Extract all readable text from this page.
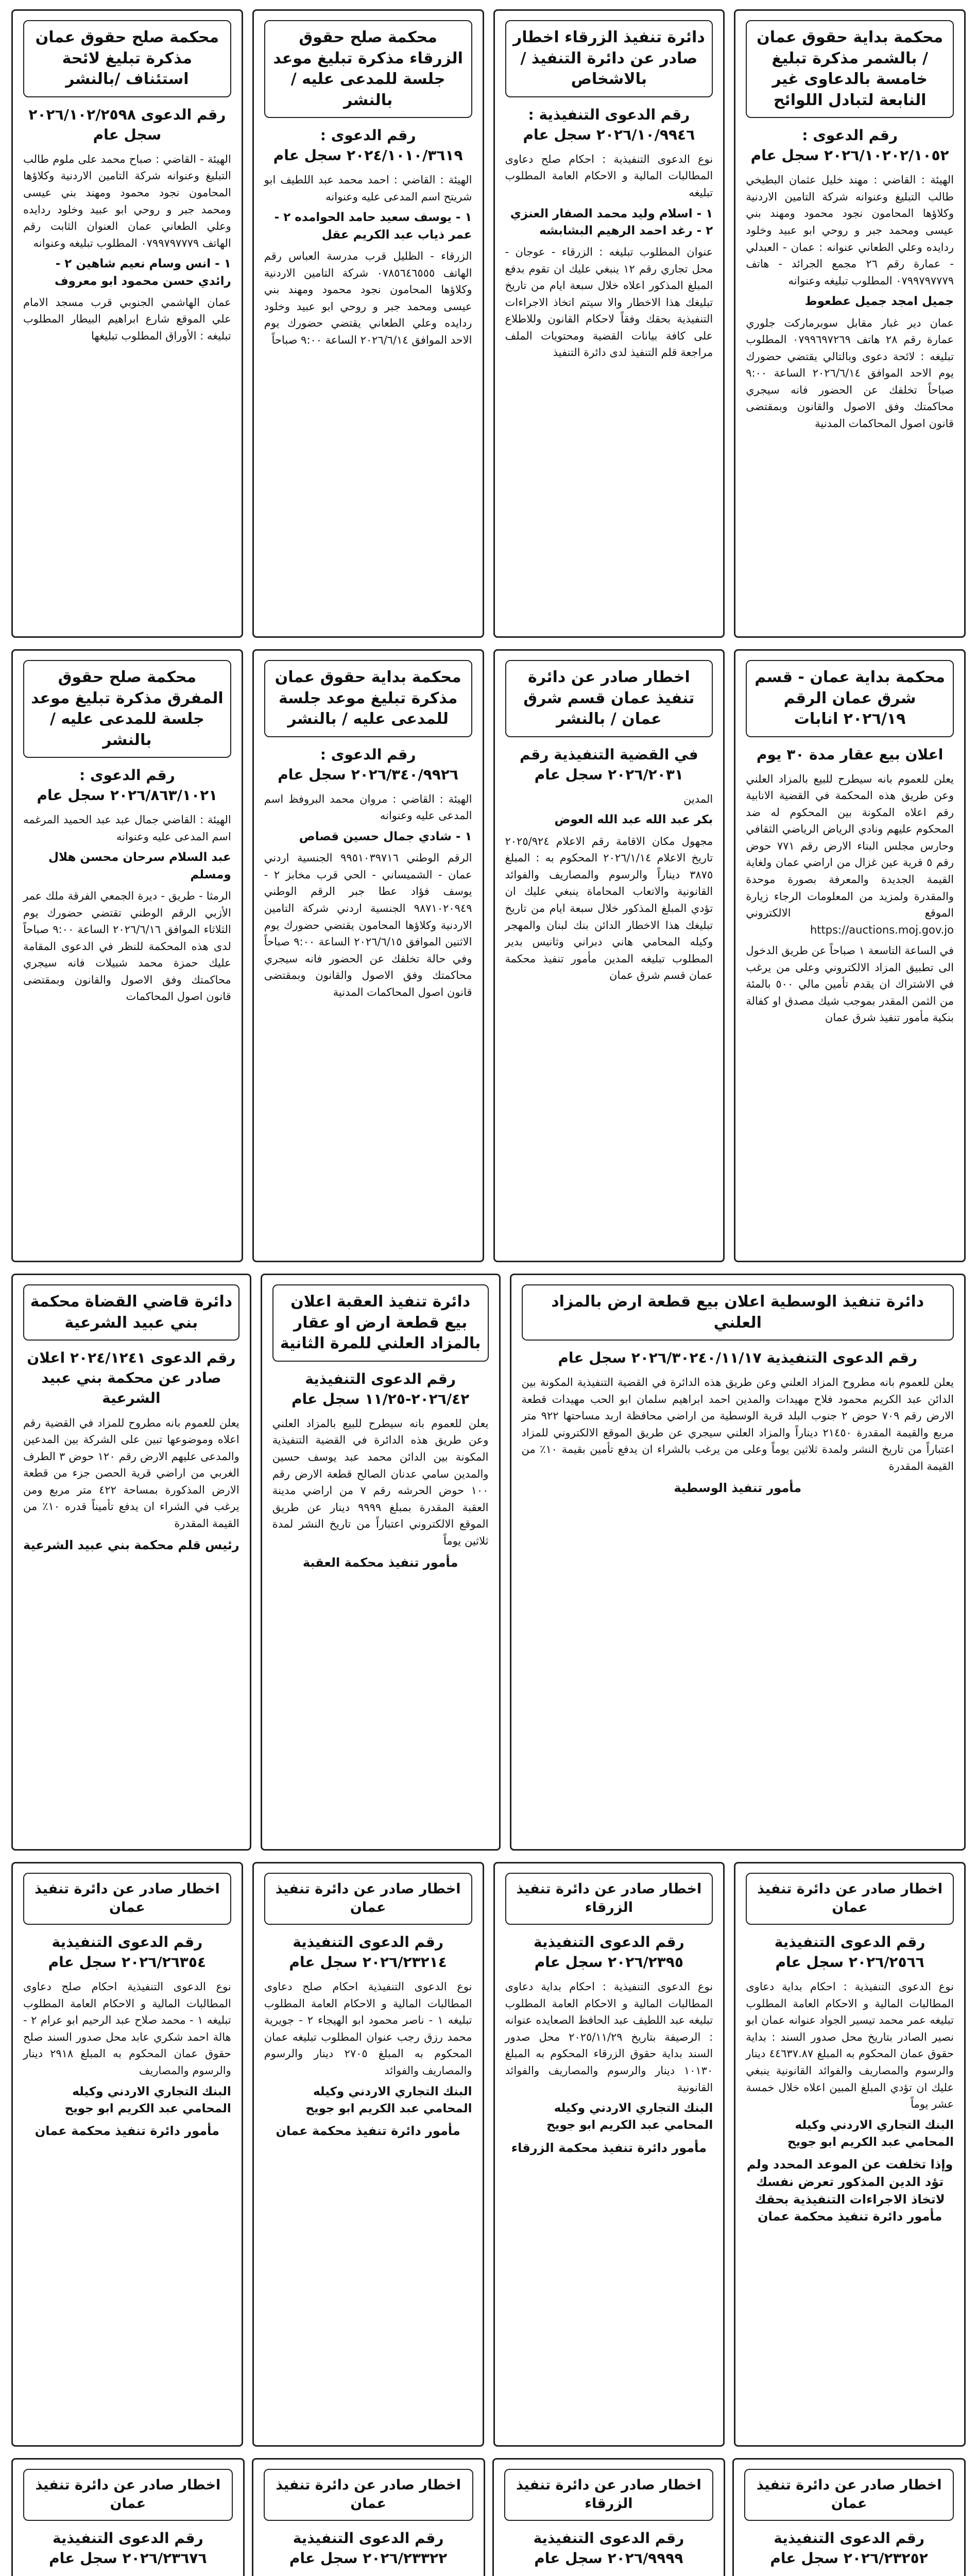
محكمة بداية حقوق عمان / بالشمر مذكرة تبليغ خامسة بالدعاوى غير النابعة لتبادل اللوائح
رقم الدعوى : ٢٠٢٦/١٠٢٠٢/١٠٥٢ سجل عام

الهيئة : القاضي : مهند خليل عثمان البطيخي طالب التبليغ وعنوانه شركة التامين الاردنية وكلاؤها المحامون نجود محمود ومهند بني عيسى ومحمد جبر و روحي ابو عبيد وخلود ردايده وعلي الطعاني عنوانه : عمان - العبدلي - عمارة رقم ٢٦ مجمع الجرائد - هاتف ٠٧٩٩٧٩٧٧٧٩ المطلوب تبليغه وعنوانه

جميل امجد جميل عطعوط

عمان دير غبار مقابل سوبرماركت جلوري عمارة رقم ٢٨ هاتف ٠٧٩٩٦٩٧٢٦٩ المطلوب تبليغه : لائحة دعوى وبالتالي يقتضي حضورك يوم الاحد الموافق ٢٠٢٦/٦/١٤ الساعة ٩:٠٠ صباحاً تخلفك عن الحضور فانه سيجري محاكمتك وفق الاصول والقانون وبمقتضى قانون اصول المحاكمات المدنية

دائرة تنفيذ الزرقاء اخطار صادر عن دائرة التنفيذ / بالاشخاص
رقم الدعوى التنفيذية : ٢٠٢٦/١٠/٩٩٤٦ سجل عام

نوع الدعوى التنفيذية : احكام صلح دعاوى المطالبات المالية و الاحكام العامة المطلوب تبليغه

١ - اسلام وليد محمد الصفار العنزي ٢ - رغد احمد الرهيم البشابشه

عنوان المطلوب تبليغه : الزرقاء - عوجان - محل تجاري رقم ١٢ ينبغي عليك ان تقوم بدفع المبلغ المذكور اعلاه خلال سبعة ايام من تاريخ تبليغك هذا الاخطار والا سيتم اتخاذ الاجراءات التنفيذية بحقك وفقاً لاحكام القانون وللاطلاع على كافة بيانات القضية ومحتويات الملف مراجعة قلم التنفيذ لدى دائرة التنفيذ

محكمة صلح حقوق الزرقاء مذكرة تبليغ موعد جلسة للمدعى عليه / بالنشر
رقم الدعوى : ٢٠٢٤/١٠١٠/٣٦١٩ سجل عام

الهيئة : القاضي : احمد محمد عبد اللطيف ابو شريتح اسم المدعى عليه وعنوانه

١ - يوسف سعيد حامد الحوامده ٢ - عمر ذياب عبد الكريم عقل

الزرقاء - الظليل قرب مدرسة العباس رقم الهاتف ٠٧٨٥٦٤٦٥٥٥ شركة التامين الاردنية وكلاؤها المحامون نجود محمود ومهند بني عيسى ومحمد جبر و روحي ابو عبيد وخلود ردايده وعلي الطعاني يقتضي حضورك يوم الاحد الموافق ٢٠٢٦/٦/١٤ الساعة ٩:٠٠ صباحاً

محكمة صلح حقوق عمان مذكرة تبليغ لائحة استئناف /بالنشر
رقم الدعوى ٢٠٢٦/١٠٢/٢٥٩٨ سجل عام

الهيئة - القاضي : صباح محمد على ملوم طالب التبليغ وعنوانه شركة التامين الاردنية وكلاؤها المحامون نجود محمود ومهند بني عيسى ومحمد جبر و روحي ابو عبيد وخلود ردايده وعلي الطعاني عمان العنوان الثابت رقم الهاتف ٠٧٩٩٧٩٧٧٧٩ المطلوب تبليغه وعنوانه

١ - انس وسام نعيم شاهين ٢ - رائدي حسن محمود ابو معروف

عمان الهاشمي الجنوبي قرب مسجد الامام علي الموقع شارع ابراهيم البيطار المطلوب تبليغه : الأوراق المطلوب تبليغها

محكمة بداية عمان - قسم شرق عمان الرقم ٢٠٢٦/١٩ انابات
اعلان بيع عقار مدة ٣٠ يوم

يعلن للعموم بانه سيطرح للبيع بالمزاد العلني وعن طريق هذه المحكمة في القضية الانابية رقم اعلاه المكونة بين المحكوم له ضد المحكوم عليهم ونادي الرياض الرياضي الثقافي وحارس مجلس البناء الارض رقم ٧٧١ حوض رقم ٥ قرية عين غزال من اراضي عمان ولغاية القيمة الجديدة والمعرفة بصورة موحدة والمقدرة ولمزيد من المعلومات الرجاء زيارة الموقع الالكتروني https://auctions.moj.gov.jo

في الساعة التاسعة ١ صباحاً عن طريق الدخول الى تطبيق المزاد الالكتروني وعلى من يرغب في الاشتراك ان يقدم تأمين مالي ٥٠٠ بالمئة من الثمن المقدر بموجب شيك مصدق او كفالة بنكية مأمور تنفيذ شرق عمان

اخطار صادر عن دائرة تنفيذ عمان قسم شرق عمان / بالنشر
في القضية التنفيذية رقم ٢٠٢٦/٢٠٣١ سجل عام

المدين

بكر عبد الله عبد الله العوض

مجهول مكان الاقامة رقم الاعلام ٢٠٢٥/٩٢٤ تاريخ الاعلام ٢٠٢٦/١/١٤ المحكوم به : المبلغ ٣٨٧٥ ديناراً والرسوم والمصاريف والفوائد القانونية والاتعاب المحاماة ينبغي عليك ان تؤدي المبلغ المذكور خلال سبعة ايام من تاريخ تبليغك هذا الاخطار الدائن بنك لبنان والمهجر وكيله المحامي هاني دبراني وثانيس بدير المطلوب تبليغه المدين مأمور تنفيذ محكمة عمان قسم شرق عمان

محكمة بداية حقوق عمان مذكرة تبليغ موعد جلسة للمدعى عليه / بالنشر
رقم الدعوى : ٢٠٢٦/٣٤٠/٩٩٢٦ سجل عام

الهيئة : القاضي : مروان محمد البروفظ اسم المدعى عليه وعنوانه

١ - شادي جمال حسين قصاص

الرقم الوطني ٩٩٥١٠٣٩٧١٦ الجنسية اردني عمان - الشميساني - الحي قرب مخابز ٢ - يوسف فؤاد عطا جبر الرقم الوطني ٩٨٧١٠٢٠٩٤٩ الجنسية اردني شركة التامين الاردنية وكلاؤها المحامون يقتضي حضورك يوم الاثنين الموافق ٢٠٢٦/٦/١٥ الساعة ٩:٠٠ صباحاً وفي حالة تخلفك عن الحضور فانه سيجري محاكمتك وفق الاصول والقانون وبمقتضى قانون اصول المحاكمات المدنية

محكمة صلح حقوق المفرق مذكرة تبليغ موعد جلسة للمدعى عليه / بالنشر
رقم الدعوى : ٢٠٢٦/٨٦٣/١٠٢١ سجل عام

الهيئة : القاضي جمال عبد عبد الحميد المرغمه اسم المدعى عليه وعنوانه

عبد السلام سرحان محسن هلال ومسلم

الرمثا - طريق - ديرة الجمعي الفرقة ملك عمر الأزبي الرقم الوطني تقتضي حضورك يوم الثلاثاء الموافق ٢٠٢٦/٦/١٦ الساعة ٩:٠٠ صباحاً لدى هذه المحكمة للنظر في الدعوى المقامة عليك حمزة محمد شبيلات فانه سيجري محاكمتك وفق الاصول والقانون وبمقتضى قانون اصول المحاكمات

دائرة تنفيذ الوسطية اعلان بيع قطعة ارض بالمزاد العلني
رقم الدعوى التنفيذية ٢٠٢٦/٣٠٢٤٠/١١/١٧ سجل عام

يعلن للعموم بانه مطروح المزاد العلني وعن طريق هذه الدائرة في القضية التنفيذية المكونة بين الدائن عبد الكريم محمود فلاح مهيدات والمدين احمد ابراهيم سلمان ابو الحب مهيدات قطعة الارض رقم ٧٠٩ حوض ٢ جنوب البلد قرية الوسطية من اراضي محافظة اربد مساحتها ٩٢٢ متر مربع والقيمة المقدرة ٢١٤٥٠ ديناراً والمزاد العلني سيجري عن طريق الموقع الالكتروني للمزاد اعتباراً من تاريخ النشر ولمدة ثلاثين يوماً وعلى من يرغب بالشراء ان يدفع تأمين بقيمة ١٠٪ من القيمة المقدرة

مأمور تنفيذ الوسطية
دائرة تنفيذ العقبة اعلان بيع قطعة ارض او عقار بالمزاد العلني للمرة الثانية
رقم الدعوى التنفيذية ٢٠٢٦/٤٢-١١/٢٥ سجل عام

يعلن للعموم بانه سيطرح للبيع بالمزاد العلني وعن طريق هذه الدائرة في القضية التنفيذية المكونة بين الدائن محمد عبد يوسف حسين والمدين سامي عدنان الصالح قطعة الارض رقم ١٠٠ حوض الحرشه رقم ٧ من اراضي مدينة العقبة المقدرة بمبلغ ٩٩٩٩ دينار عن طريق الموقع الالكتروني اعتباراً من تاريخ النشر لمدة ثلاثين يوماً

مأمور تنفيذ محكمة العقبة
دائرة قاضي القضاة محكمة بني عبيد الشرعية
رقم الدعوى ٢٠٢٤/١٢٤١ اعلان صادر عن محكمة بني عبيد الشرعية

يعلن للعموم بانه مطروح للمزاد في القضية رقم اعلاه وموضوعها تبين على الشركة بين المدعين والمدعى عليهم الارض رقم ١٢٠ حوض ٣ الطرف الغربي من اراضي قرية الحصن جزء من قطعة الارض المذكورة بمساحة ٤٢٢ متر مربع ومن يرغب في الشراء ان يدفع تأميناً قدره ١٠٪ من القيمة المقدرة

رئيس قلم محكمة بني عبيد الشرعية
اخطار صادر عن دائرة تنفيذ عمان
رقم الدعوى التنفيذية ٢٠٢٦/٢٥٦٦ سجل عام

نوع الدعوى التنفيذية : احكام بداية دعاوى المطالبات المالية و الاحكام العامة المطلوب تبليغه عمر محمد تيسير الجواد عنوانه عمان ابو نصير الصادر بتاريخ محل صدور السند : بداية حقوق عمان المحكوم به المبلغ ٤٤٦٣٧.٨٧ دينار والرسوم والمصاريف والفوائد القانونية ينبغي عليك ان تؤدي المبلغ المبين اعلاه خلال خمسة عشر يوماً

البنك التجاري الاردني وكيله المحامي عبد الكريم ابو جويح
وإذا تخلفت عن الموعد المحدد ولم تؤد الدين المذكور تعرض نفسك لاتخاذ الاجراءات التنفيذية بحقك مأمور دائرة تنفيذ محكمة عمان
اخطار صادر عن دائرة تنفيذ الزرقاء
رقم الدعوى التنفيذية ٢٠٢٦/٢٣٩٥ سجل عام

نوع الدعوى التنفيذية : احكام بداية دعاوى المطالبات المالية و الاحكام العامة المطلوب تبليغه عبد اللطيف عبد الحافظ الصعايده عنوانه : الرصيفة بتاريخ ٢٠٢٥/١١/٢٩ محل صدور السند بداية حقوق الزرقاء المحكوم به المبلغ ١٠١٣٠ دينار والرسوم والمصاريف والفوائد القانونية

البنك التجاري الاردني وكيله المحامي عبد الكريم ابو جويح
مأمور دائرة تنفيذ محكمة الزرقاء
اخطار صادر عن دائرة تنفيذ عمان
رقم الدعوى التنفيذية ٢٠٢٦/٢٣٢١٤ سجل عام

نوع الدعوى التنفيذية احكام صلح دعاوى المطالبات المالية و الاحكام العامة المطلوب تبليغه ١ - ناصر محمود ابو الهيجاء ٢ - جويرية محمد رزق رجب عنوان المطلوب تبليغه عمان المحكوم به المبلغ ٢٧٠٥ دينار والرسوم والمصاريف والفوائد

البنك التجاري الاردني وكيله المحامي عبد الكريم ابو جويح
مأمور دائرة تنفيذ محكمة عمان
اخطار صادر عن دائرة تنفيذ عمان
رقم الدعوى التنفيذية ٢٠٢٦/٢٦٣٥٤ سجل عام

نوع الدعوى التنفيذية احكام صلح دعاوى المطالبات المالية و الاحكام العامة المطلوب تبليغه ١ - محمد صلاح عبد الرحيم ابو عرام ٢ - هالة احمد شكري عابد محل صدور السند صلح حقوق عمان المحكوم به المبلغ ٢٩١٨ دينار والرسوم والمصاريف

البنك التجاري الاردني وكيله المحامي عبد الكريم ابو جويح
مأمور دائرة تنفيذ محكمة عمان
اخطار صادر عن دائرة تنفيذ عمان
رقم الدعوى التنفيذية ٢٠٢٦/٢٣٢٥٢ سجل عام

اخطار صادر عن دائرة تنفيذ الزرقاء
رقم الدعوى التنفيذية ٢٠٢٦/٩٩٩٩ سجل عام

اخطار صادر عن دائرة تنفيذ عمان
رقم الدعوى التنفيذية ٢٠٢٦/٢٣٣٢٢ سجل عام

اخطار صادر عن دائرة تنفيذ عمان
رقم الدعوى التنفيذية ٢٠٢٦/٢٣٦٧٦ سجل عام
